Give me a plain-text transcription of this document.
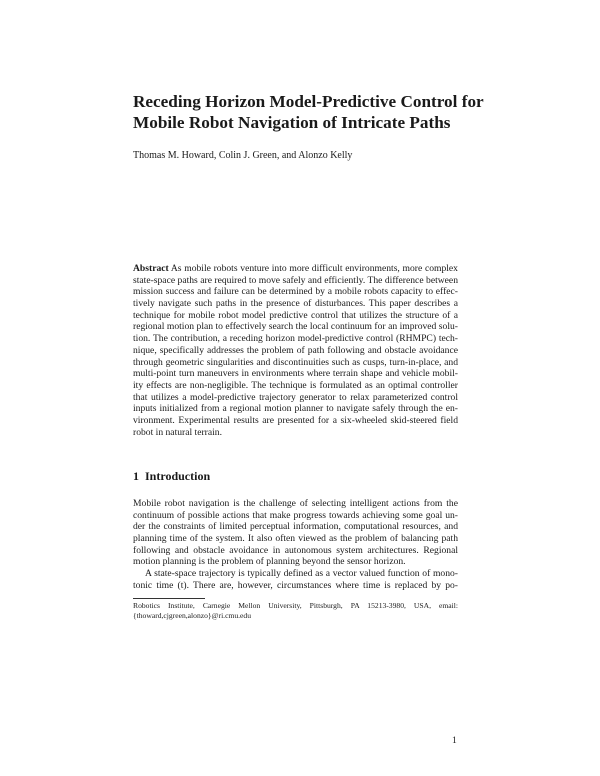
Receding Horizon Model-Predictive Control for
Mobile Robot Navigation of Intricate Paths
Thomas M. Howard, Colin J. Green, and Alonzo Kelly
Abstract As mobile robots venture into more difficult environments, more complex
state-space paths are required to move safely and efficiently. The difference between
mission success and failure can be determined by a mobile robots capacity to effec-
tively navigate such paths in the presence of disturbances. This paper describes a
technique for mobile robot model predictive control that utilizes the structure of a
regional motion plan to effectively search the local continuum for an improved solu-
tion. The contribution, a receding horizon model-predictive control (RHMPC) tech-
nique, specifically addresses the problem of path following and obstacle avoidance
through geometric singularities and discontinuities such as cusps, turn-in-place, and
multi-point turn maneuvers in environments where terrain shape and vehicle mobil-
ity effects are non-negligible. The technique is formulated as an optimal controller
that utilizes a model-predictive trajectory generator to relax parameterized control
inputs initialized from a regional motion planner to navigate safely through the en-
vironment. Experimental results are presented for a six-wheeled skid-steered field
robot in natural terrain.
1 Introduction
Mobile robot navigation is the challenge of selecting intelligent actions from the
continuum of possible actions that make progress towards achieving some goal un-
der the constraints of limited perceptual information, computational resources, and
planning time of the system. It also often viewed as the problem of balancing path
following and obstacle avoidance in autonomous system architectures. Regional
motion planning is the problem of planning beyond the sensor horizon.
A state-space trajectory is typically defined as a vector valued function of mono-
tonic time (t). There are, however, circumstances where time is replaced by po-
Robotics Institute, Carnegie Mellon University, Pittsburgh, PA 15213-3980, USA, email:
{thoward,cjgreen,alonzo}@ri.cmu.edu
1
